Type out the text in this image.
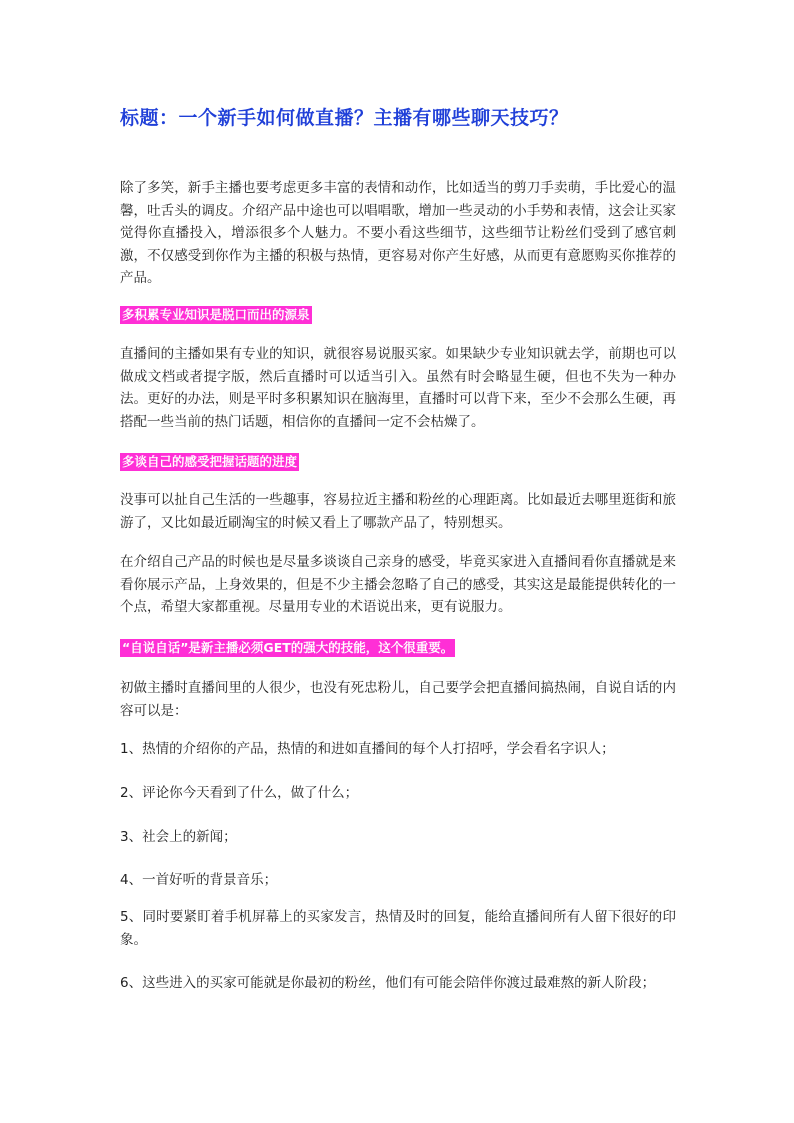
标题：一个新手如何做直播？主播有哪些聊天技巧？

除了多笑，新手主播也要考虑更多丰富的表情和动作，比如适当的剪刀手卖萌，手比爱心的温馨，吐舌头的调皮。介绍产品中途也可以唱唱歌，增加一些灵动的小手势和表情，这会让买家觉得你直播投入，增添很多个人魅力。不要小看这些细节，这些细节让粉丝们受到了感官刺激，不仅感受到你作为主播的积极与热情，更容易对你产生好感，从而更有意愿购买你推荐的产品。

多积累专业知识是脱口而出的源泉

直播间的主播如果有专业的知识，就很容易说服买家。如果缺少专业知识就去学，前期也可以做成文档或者提字版，然后直播时可以适当引入。虽然有时会略显生硬，但也不失为一种办法。更好的办法，则是平时多积累知识在脑海里，直播时可以背下来，至少不会那么生硬，再搭配一些当前的热门话题，相信你的直播间一定不会枯燥了。

多谈自己的感受把握话题的进度

没事可以扯自己生活的一些趣事，容易拉近主播和粉丝的心理距离。比如最近去哪里逛街和旅游了，又比如最近刷淘宝的时候又看上了哪款产品了，特别想买。

在介绍自己产品的时候也是尽量多谈谈自己亲身的感受，毕竟买家进入直播间看你直播就是来看你展示产品，上身效果的，但是不少主播会忽略了自己的感受，其实这是最能提供转化的一个点，希望大家都重视。尽量用专业的术语说出来，更有说服力。

“自说自话”是新主播必须GET的强大的技能，这个很重要。

初做主播时直播间里的人很少，也没有死忠粉儿，自己要学会把直播间搞热闹，自说自话的内容可以是：

1、热情的介绍你的产品，热情的和进如直播间的每个人打招呼，学会看名字识人；

2、评论你今天看到了什么，做了什么；

3、社会上的新闻；

4、一首好听的背景音乐；

5、同时要紧盯着手机屏幕上的买家发言，热情及时的回复，能给直播间所有人留下很好的印象。

6、这些进入的买家可能就是你最初的粉丝，他们有可能会陪伴你渡过最难熬的新人阶段；
